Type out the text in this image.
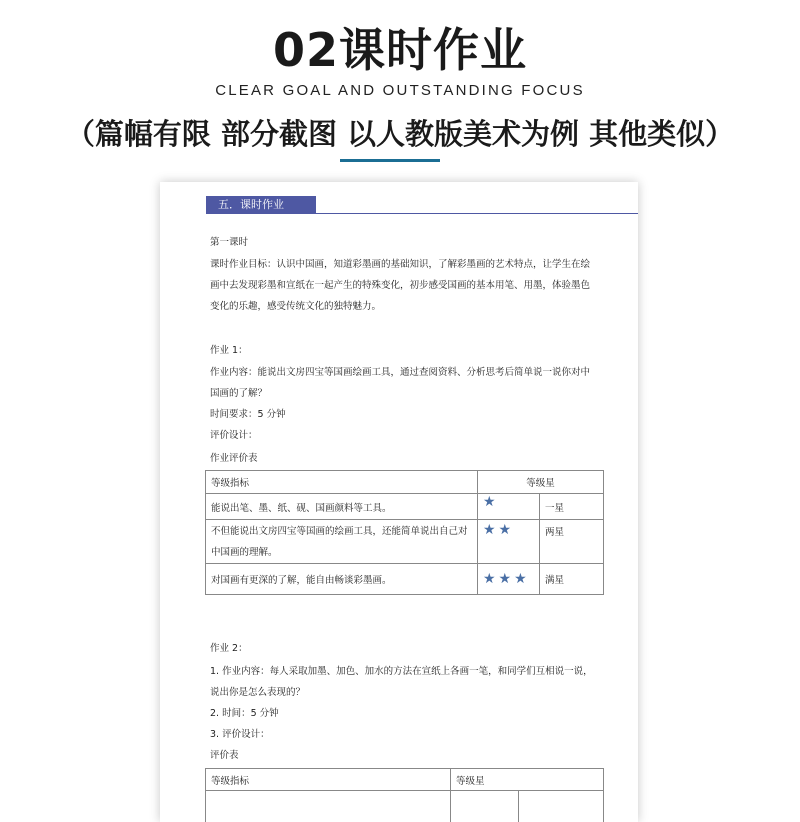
02课时作业
CLEAR GOAL AND OUTSTANDING FOCUS
（篇幅有限 部分截图 以人教版美术为例 其他类似）
五．课时作业
第一课时
课时作业目标：认识中国画，知道彩墨画的基础知识，了解彩墨画的艺术特点，让学生在绘
画中去发现彩墨和宣纸在一起产生的特殊变化，初步感受国画的基本用笔、用墨，体验墨色
变化的乐趣，感受传统文化的独特魅力。
作业 1：
作业内容：能说出文房四宝等国画绘画工具，通过查阅资料、分析思考后简单说一说你对中
国画的了解？
时间要求：5 分钟
评价设计：
作业评价表
等级指标	等级星	

能说出笔、墨、纸、砚、国画颜料等工具。	★	一星

不但能说出文房四宝等国画的绘画工具，还能简单说出自己对
中国画的理解。	★★	两星

对国画有更深的了解，能自由畅谈彩墨画。	★★★	满星
作业 2：
1. 作业内容：每人采取加墨、加色、加水的方法在宣纸上各画一笔，和同学们互相说一说，
说出你是怎么表现的？
2. 时间：5 分钟
3. 评价设计：
评价表
等级指标	等级星	
